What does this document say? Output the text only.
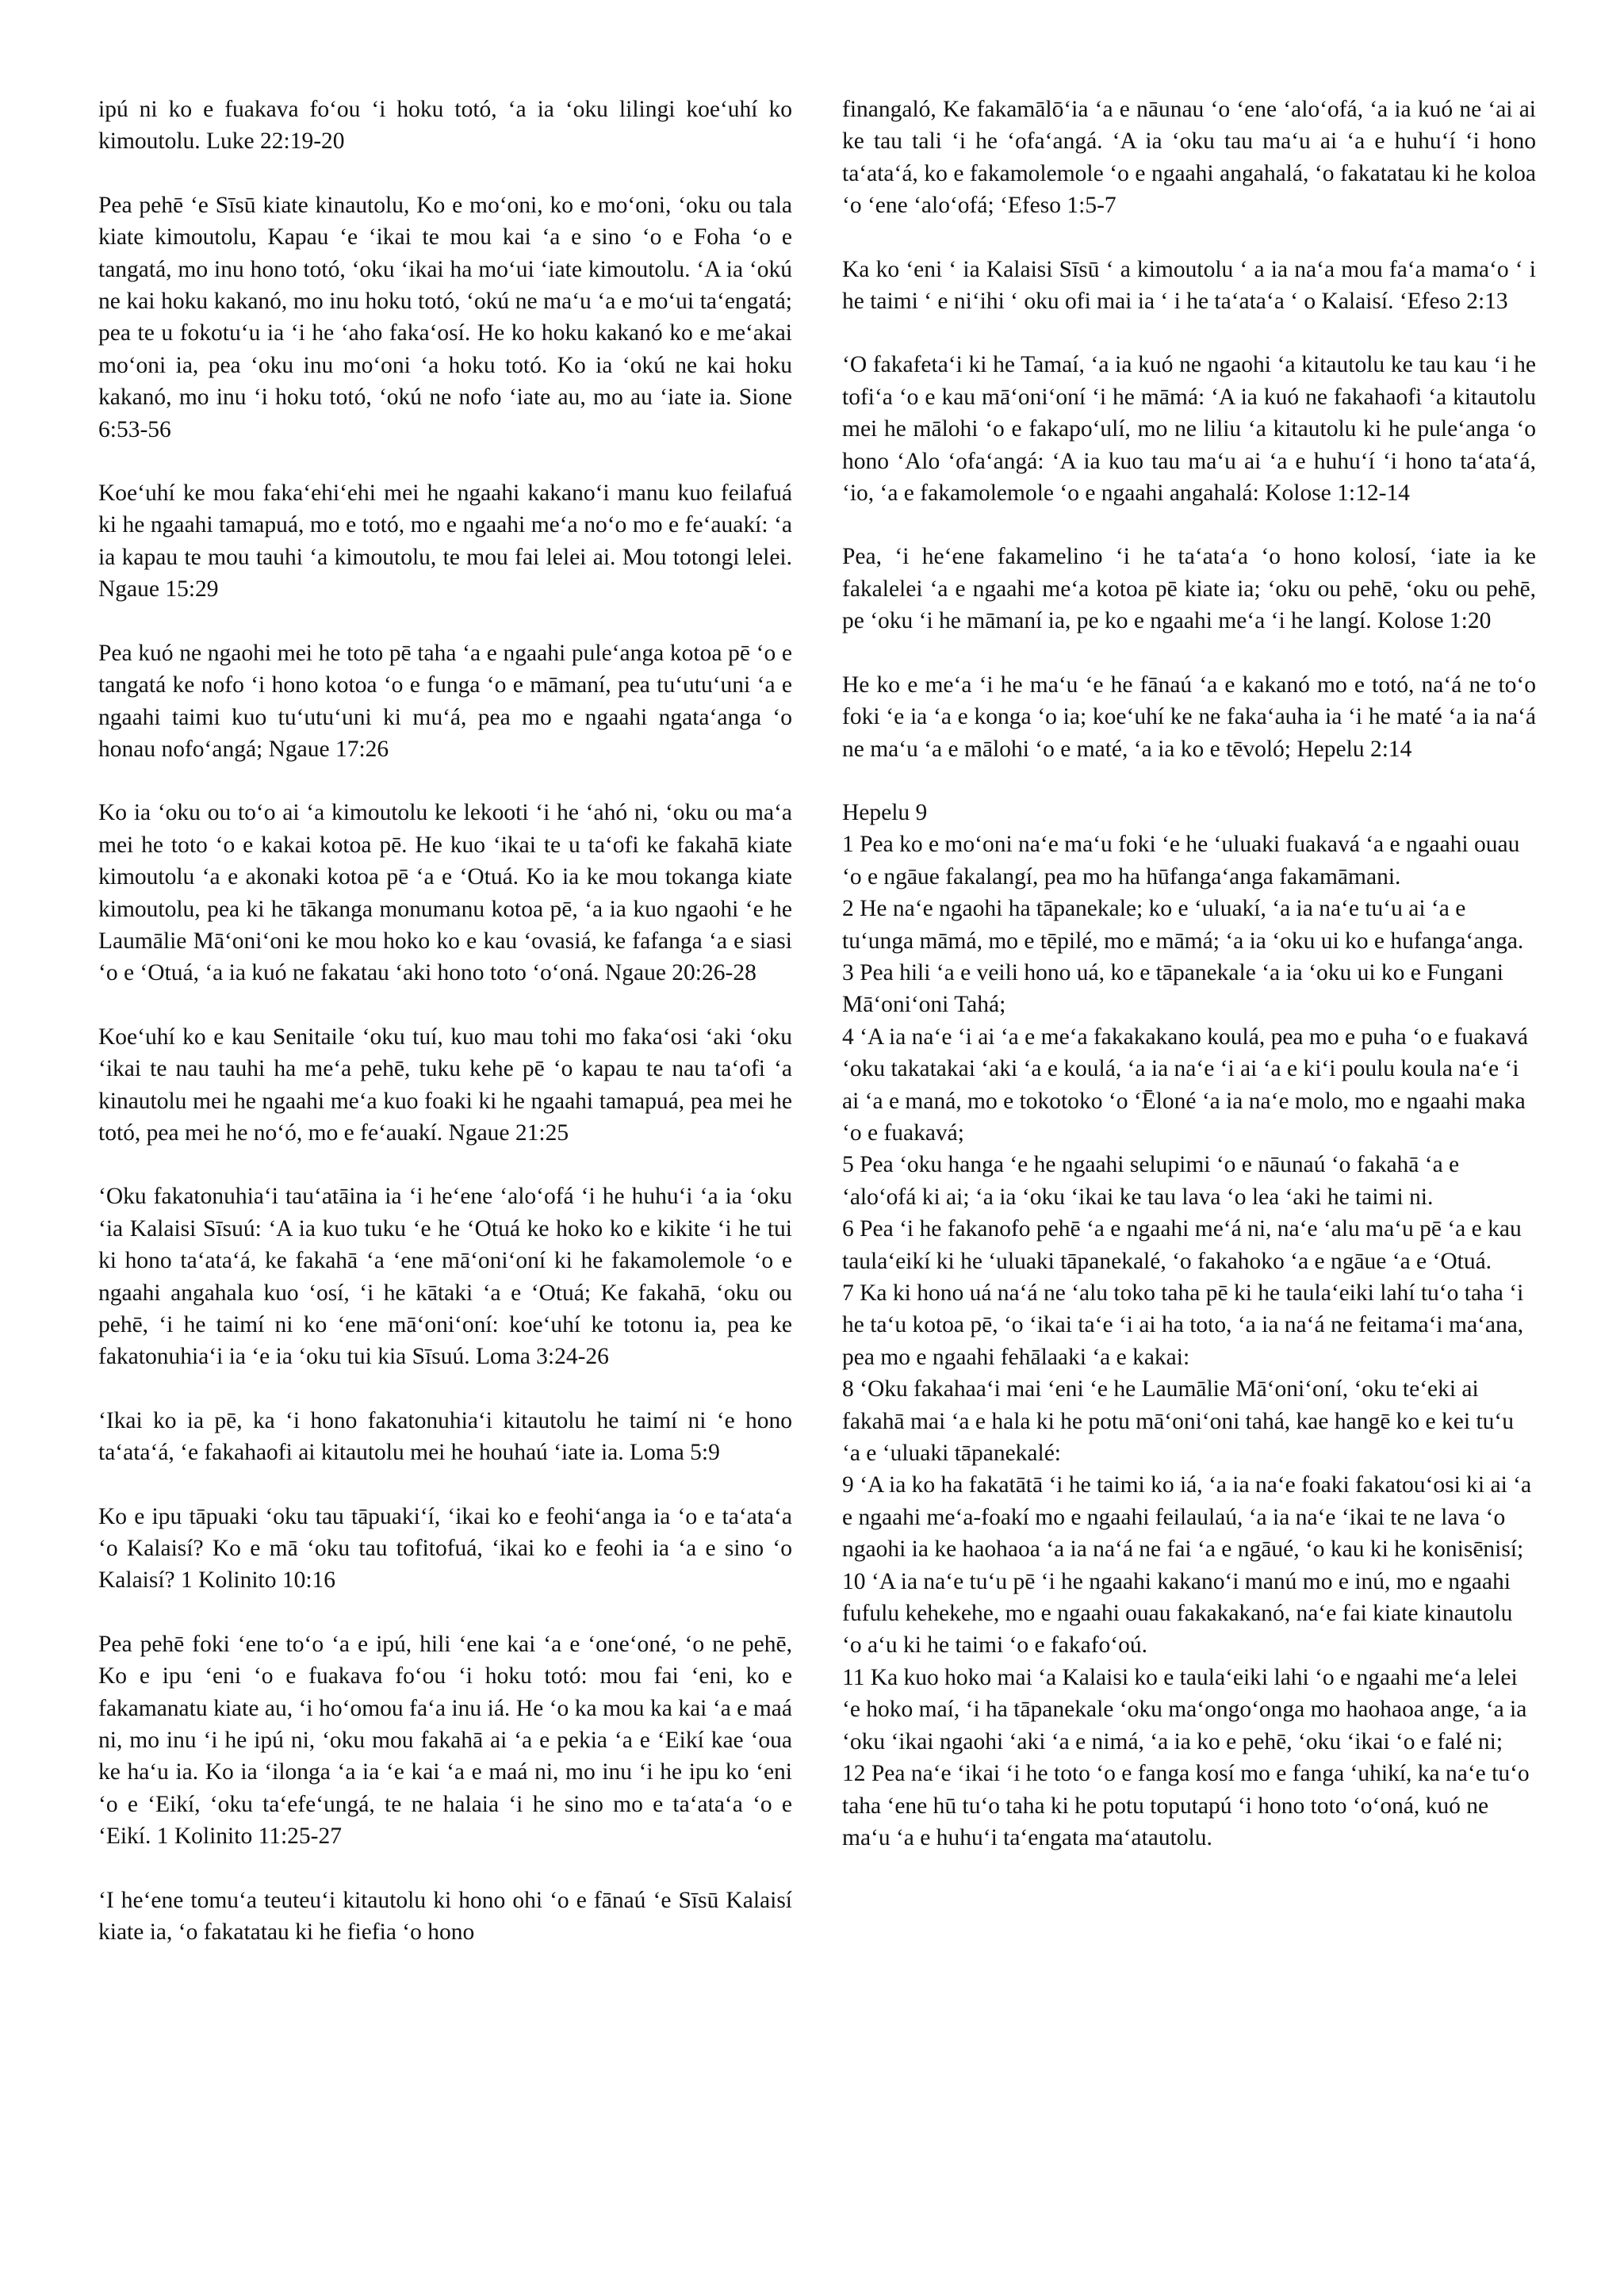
ipú ni ko e fuakava foʻou ʻi hoku totó, ʻa ia ʻoku lilingi koeʻuhí ko kimoutolu. Luke 22:19-20

Pea pehē ʻe Sīsū kiate kinautolu, Ko e moʻoni, ko e moʻoni, ʻoku ou tala kiate kimoutolu, Kapau ʻe ʻikai te mou kai ʻa e sino ʻo e Foha ʻo e tangatá, mo inu hono totó, ʻoku ʻikai ha moʻui ʻiate kimoutolu. ʻA ia ʻokú ne kai hoku kakanó, mo inu hoku totó, ʻokú ne maʻu ʻa e moʻui taʻengatá; pea te u fokotuʻu ia ʻi he ʻaho fakaʻosí. He ko hoku kakanó ko e meʻakai moʻoni ia, pea ʻoku inu moʻoni ʻa hoku totó. Ko ia ʻokú ne kai hoku kakanó, mo inu ʻi hoku totó, ʻokú ne nofo ʻiate au, mo au ʻiate ia. Sione 6:53-56

Koeʻuhí ke mou fakaʻehiʻehi mei he ngaahi kakanoʻi manu kuo feilafuá ki he ngaahi tamapuá, mo e totó, mo e ngaahi meʻa noʻo mo e feʻauakí: ʻa ia kapau te mou tauhi ʻa kimoutolu, te mou fai lelei ai. Mou totongi lelei. Ngaue 15:29

Pea kuó ne ngaohi mei he toto pē taha ʻa e ngaahi puleʻanga kotoa pē ʻo e tangatá ke nofo ʻi hono kotoa ʻo e funga ʻo e māmaní, pea tuʻutuʻuni ʻa e ngaahi taimi kuo tuʻutuʻuni ki muʻá, pea mo e ngaahi ngataʻanga ʻo honau nofoʻangá; Ngaue 17:26

Ko ia ʻoku ou toʻo ai ʻa kimoutolu ke lekooti ʻi he ʻahó ni, ʻoku ou maʻa mei he toto ʻo e kakai kotoa pē. He kuo ʻikai te u taʻofi ke fakahā kiate kimoutolu ʻa e akonaki kotoa pē ʻa e ʻOtuá. Ko ia ke mou tokanga kiate kimoutolu, pea ki he tākanga monumanu kotoa pē, ʻa ia kuo ngaohi ʻe he Laumālie Māʻoniʻoni ke mou hoko ko e kau ʻovasiá, ke fafanga ʻa e siasi ʻo e ʻOtuá, ʻa ia kuó ne fakatau ʻaki hono toto ʻoʻoná. Ngaue 20:26-28

Koeʻuhí ko e kau Senitaile ʻoku tuí, kuo mau tohi mo fakaʻosi ʻaki ʻoku ʻikai te nau tauhi ha meʻa pehē, tuku kehe pē ʻo kapau te nau taʻofi ʻa kinautolu mei he ngaahi meʻa kuo foaki ki he ngaahi tamapuá, pea mei he totó, pea mei he noʻó, mo e feʻauakí. Ngaue 21:25

ʻOku fakatonuhiaʻi tauʻatāina ia ʻi heʻene ʻaloʻofá ʻi he huhuʻi ʻa ia ʻoku ʻia Kalaisi Sīsuú: ʻA ia kuo tuku ʻe he ʻOtuá ke hoko ko e kikite ʻi he tui ki hono taʻataʻá, ke fakahā ʻa ʻene māʻoniʻoní ki he fakamolemole ʻo e ngaahi angahala kuo ʻosí, ʻi he kātaki ʻa e ʻOtuá; Ke fakahā, ʻoku ou pehē, ʻi he taimí ni ko ʻene māʻoniʻoní: koeʻuhí ke totonu ia, pea ke fakatonuhiaʻi ia ʻe ia ʻoku tui kia Sīsuú. Loma 3:24-26

ʻIkai ko ia pē, ka ʻi hono fakatonuhiaʻi kitautolu he taimí ni ʻe hono taʻataʻá, ʻe fakahaofi ai kitautolu mei he houhaú ʻiate ia. Loma 5:9

Ko e ipu tāpuaki ʻoku tau tāpuakiʻí, ʻikai ko e feohiʻanga ia ʻo e taʻataʻa ʻo Kalaisí? Ko e mā ʻoku tau tofitofuá, ʻikai ko e feohi ia ʻa e sino ʻo Kalaisí? 1 Kolinito 10:16

Pea pehē foki ʻene toʻo ʻa e ipú, hili ʻene kai ʻa e ʻoneʻoné, ʻo ne pehē, Ko e ipu ʻeni ʻo e fuakava foʻou ʻi hoku totó: mou fai ʻeni, ko e fakamanatu kiate au, ʻi hoʻomou faʻa inu iá. He ʻo ka mou ka kai ʻa e maá ni, mo inu ʻi he ipú ni, ʻoku mou fakahā ai ʻa e pekia ʻa e ʻEikí kae ʻoua ke haʻu ia. Ko ia ʻilonga ʻa ia ʻe kai ʻa e maá ni, mo inu ʻi he ipu ko ʻeni ʻo e ʻEikí, ʻoku taʻefeʻungá, te ne halaia ʻi he sino mo e taʻataʻa ʻo e ʻEikí. 1 Kolinito 11:25-27

ʻI heʻene tomuʻa teuteuʻi kitautolu ki hono ohi ʻo e fānaú ʻe Sīsū Kalaisí kiate ia, ʻo fakatatau ki he fiefia ʻo hono

finangaló, Ke fakamālōʻia ʻa e nāunau ʻo ʻene ʻaloʻofá, ʻa ia kuó ne ʻai ai ke tau tali ʻi he ʻofaʻangá. ʻA ia ʻoku tau maʻu ai ʻa e huhuʻí ʻi hono taʻataʻá, ko e fakamolemole ʻo e ngaahi angahalá, ʻo fakatatau ki he koloa ʻo ʻene ʻaloʻofá; ʻEfeso 1:5-7

Ka ko ʻeni ʻ ia Kalaisi Sīsū ʻ a kimoutolu ʻ a ia naʻa mou faʻa mamaʻo ʻ i he taimi ʻ e niʻihi ʻ oku ofi mai ia ʻ i he taʻataʻa ʻ o Kalaisí. ʻEfeso 2:13

ʻO fakafetaʻi ki he Tamaí, ʻa ia kuó ne ngaohi ʻa kitautolu ke tau kau ʻi he tofiʻa ʻo e kau māʻoniʻoní ʻi he māmá: ʻA ia kuó ne fakahaofi ʻa kitautolu mei he mālohi ʻo e fakapoʻulí, mo ne liliu ʻa kitautolu ki he puleʻanga ʻo hono ʻAlo ʻofaʻangá: ʻA ia kuo tau maʻu ai ʻa e huhuʻí ʻi hono taʻataʻá, ʻio, ʻa e fakamolemole ʻo e ngaahi angahalá: Kolose 1:12-14

Pea, ʻi heʻene fakamelino ʻi he taʻataʻa ʻo hono kolosí, ʻiate ia ke fakalelei ʻa e ngaahi meʻa kotoa pē kiate ia; ʻoku ou pehē, ʻoku ou pehē, pe ʻoku ʻi he māmaní ia, pe ko e ngaahi meʻa ʻi he langí. Kolose 1:20

He ko e meʻa ʻi he maʻu ʻe he fānaú ʻa e kakanó mo e totó, naʻá ne toʻo foki ʻe ia ʻa e konga ʻo ia; koeʻuhí ke ne fakaʻauha ia ʻi he maté ʻa ia naʻá ne maʻu ʻa e mālohi ʻo e maté, ʻa ia ko e tēvoló; Hepelu 2:14

Hepelu 9

1 Pea ko e moʻoni naʻe maʻu foki ʻe he ʻuluaki fuakavá ʻa e ngaahi ouau ʻo e ngāue fakalangí, pea mo ha hūfangaʻanga fakamāmani.

2 He naʻe ngaohi ha tāpanekale; ko e ʻuluakí, ʻa ia naʻe tuʻu ai ʻa e tuʻunga māmá, mo e tēpilé, mo e māmá; ʻa ia ʻoku ui ko e hufangaʻanga.

3 Pea hili ʻa e veili hono uá, ko e tāpanekale ʻa ia ʻoku ui ko e Fungani Māʻoniʻoni Tahá;

4 ʻA ia naʻe ʻi ai ʻa e meʻa fakakakano koulá, pea mo e puha ʻo e fuakavá ʻoku takatakai ʻaki ʻa e koulá, ʻa ia naʻe ʻi ai ʻa e kiʻi poulu koula naʻe ʻi ai ʻa e maná, mo e tokotoko ʻo ʻĒloné ʻa ia naʻe molo, mo e ngaahi maka ʻo e fuakavá;

5 Pea ʻoku hanga ʻe he ngaahi selupimi ʻo e nāunaú ʻo fakahā ʻa e ʻaloʻofá ki ai; ʻa ia ʻoku ʻikai ke tau lava ʻo lea ʻaki he taimi ni.

6 Pea ʻi he fakanofo pehē ʻa e ngaahi meʻá ni, naʻe ʻalu maʻu pē ʻa e kau taulaʻeikí ki he ʻuluaki tāpanekalé, ʻo fakahoko ʻa e ngāue ʻa e ʻOtuá.

7 Ka ki hono uá naʻá ne ʻalu toko taha pē ki he taulaʻeiki lahí tuʻo taha ʻi he taʻu kotoa pē, ʻo ʻikai taʻe ʻi ai ha toto, ʻa ia naʻá ne feitamaʻi maʻana, pea mo e ngaahi fehālaaki ʻa e kakai:

8 ʻOku fakahaaʻi mai ʻeni ʻe he Laumālie Māʻoniʻoní, ʻoku teʻeki ai fakahā mai ʻa e hala ki he potu māʻoniʻoni tahá, kae hangē ko e kei tuʻu ʻa e ʻuluaki tāpanekalé:

9 ʻA ia ko ha fakatātā ʻi he taimi ko iá, ʻa ia naʻe foaki fakatouʻosi ki ai ʻa e ngaahi meʻa-foakí mo e ngaahi feilaulaú, ʻa ia naʻe ʻikai te ne lava ʻo ngaohi ia ke haohaoa ʻa ia naʻá ne fai ʻa e ngāué, ʻo kau ki he konisēnisí;

10 ʻA ia naʻe tuʻu pē ʻi he ngaahi kakanoʻi manú mo e inú, mo e ngaahi fufulu kehekehe, mo e ngaahi ouau fakakakanó, naʻe fai kiate kinautolu ʻo aʻu ki he taimi ʻo e fakafoʻoú.

11 Ka kuo hoko mai ʻa Kalaisi ko e taulaʻeiki lahi ʻo e ngaahi meʻa lelei ʻe hoko maí, ʻi ha tāpanekale ʻoku maʻongoʻonga mo haohaoa ange, ʻa ia ʻoku ʻikai ngaohi ʻaki ʻa e nimá, ʻa ia ko e pehē, ʻoku ʻikai ʻo e falé ni;

12 Pea naʻe ʻikai ʻi he toto ʻo e fanga kosí mo e fanga ʻuhikí, ka naʻe tuʻo taha ʻene hū tuʻo taha ki he potu toputapú ʻi hono toto ʻoʻoná, kuó ne maʻu ʻa e huhuʻi taʻengata maʻatautolu.
